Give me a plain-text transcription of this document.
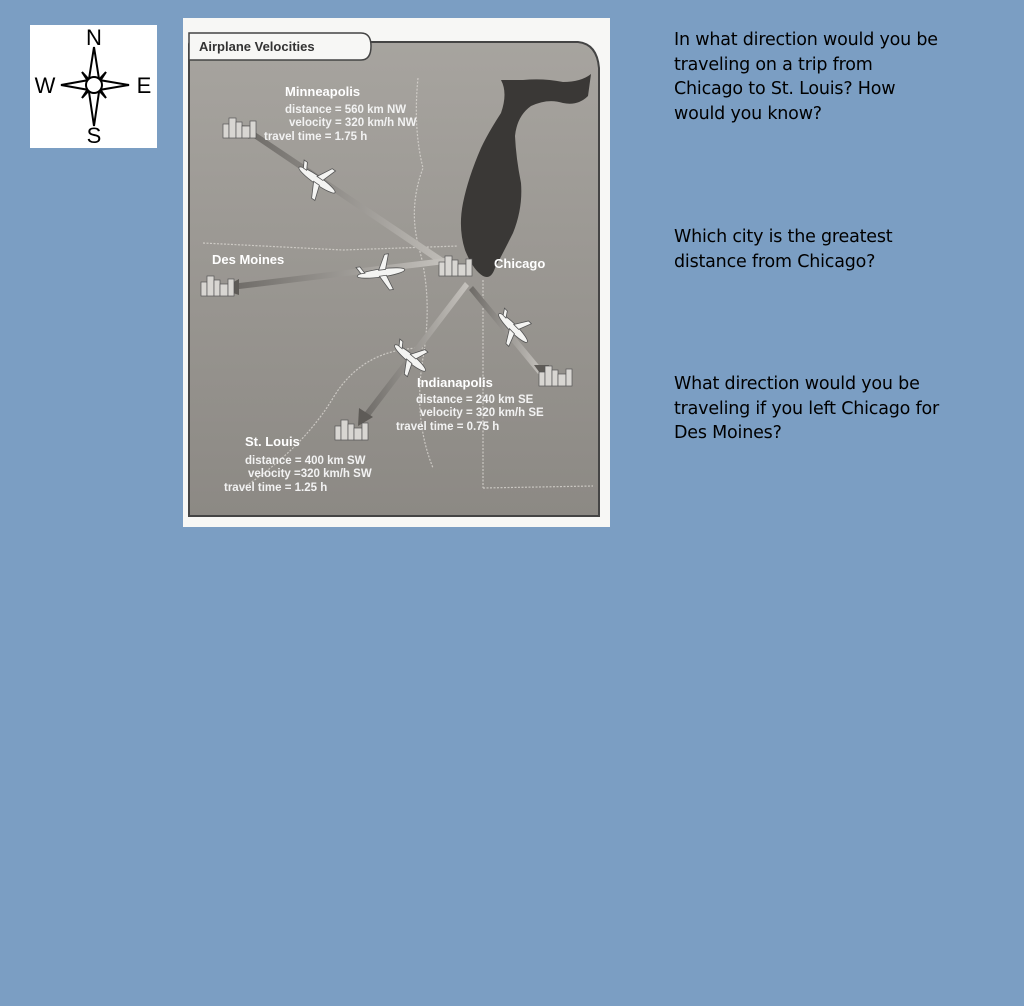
N
S
W	E
Airplane Velocities
Minneapolis
distance = 560 km NW
velocity = 320 km/h NW
travel time = 1.75 h
Des Moines	Chicago
Indianapolis
distance = 240 km SE
velocity = 320 km/h SE
travel time = 0.75 h
St. Louis
distance = 400 km SW
velocity =320 km/h SW
travel time = 1.25 h
In what direction would you be traveling on a trip from Chicago to St. Louis? How would you know?
Which city is the greatest distance from Chicago?
What direction would you be traveling if you left Chicago for Des Moines?
